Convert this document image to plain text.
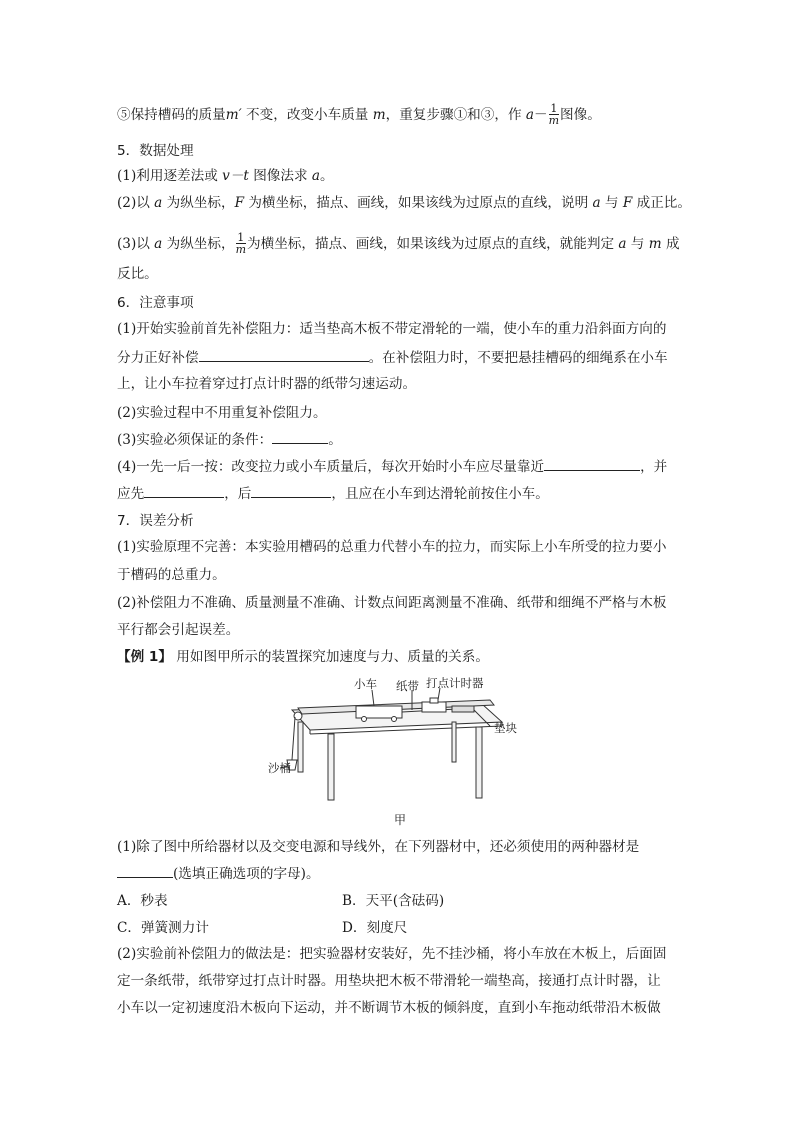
⑤保持槽码的质量m′ 不变，改变小车质量 m，重复步骤①和③，作 $a- \frac{1}{m}$ 图像。
5．数据处理
(1)利用逐差法或 v－t 图像法求 a。
(2)以 a 为纵坐标，F 为横坐标，描点、画线，如果该线为过原点的直线，说明 a 与 F 成正比。
(3)以 a 为纵坐标， $\frac{1}{m}$ 为横坐标，描点、画线，如果该线为过原点的直线，就能判定 a 与 m 成
反比。
6．注意事项
(1)开始实验前首先补偿阻力：适当垫高木板不带定滑轮的一端，使小车的重力沿斜面方向的
分力正好补偿	。在补偿阻力时，不要把悬挂槽码的细绳系在小车
上，让小车拉着穿过打点计时器的纸带匀速运动。
(2)实验过程中不用重复补偿阻力。
(3)实验必须保证的条件：	。
(4)一先一后一按：改变拉力或小车质量后，每次开始时小车应尽量靠近	，并
应先	，后	，且应在小车到达滑轮前按住小车。
7．误差分析
(1)实验原理不完善：本实验用槽码的总重力代替小车的拉力，而实际上小车所受的拉力要小
于槽码的总重力。
(2)补偿阻力不准确、质量测量不准确、计数点间距离测量不准确、纸带和细绳不严格与木板
平行都会引起误差。
【例 1】 用如图甲所示的装置探究加速度与力、质量的关系。
小车 纸带 打点计时器
垫块
沙桶
甲
(1)除了图中所给器材以及交变电源和导线外，在下列器材中，还必须使用的两种器材是
(选填正确选项的字母)。
A．秒表	B．天平(含砝码)
C．弹簧测力计	D．刻度尺
(2)实验前补偿阻力的做法是：把实验器材安装好，先不挂沙桶，将小车放在木板上，后面固
定一条纸带，纸带穿过打点计时器。用垫块把木板不带滑轮一端垫高，接通打点计时器，让
小车以一定初速度沿木板向下运动，并不断调节木板的倾斜度，直到小车拖动纸带沿木板做
